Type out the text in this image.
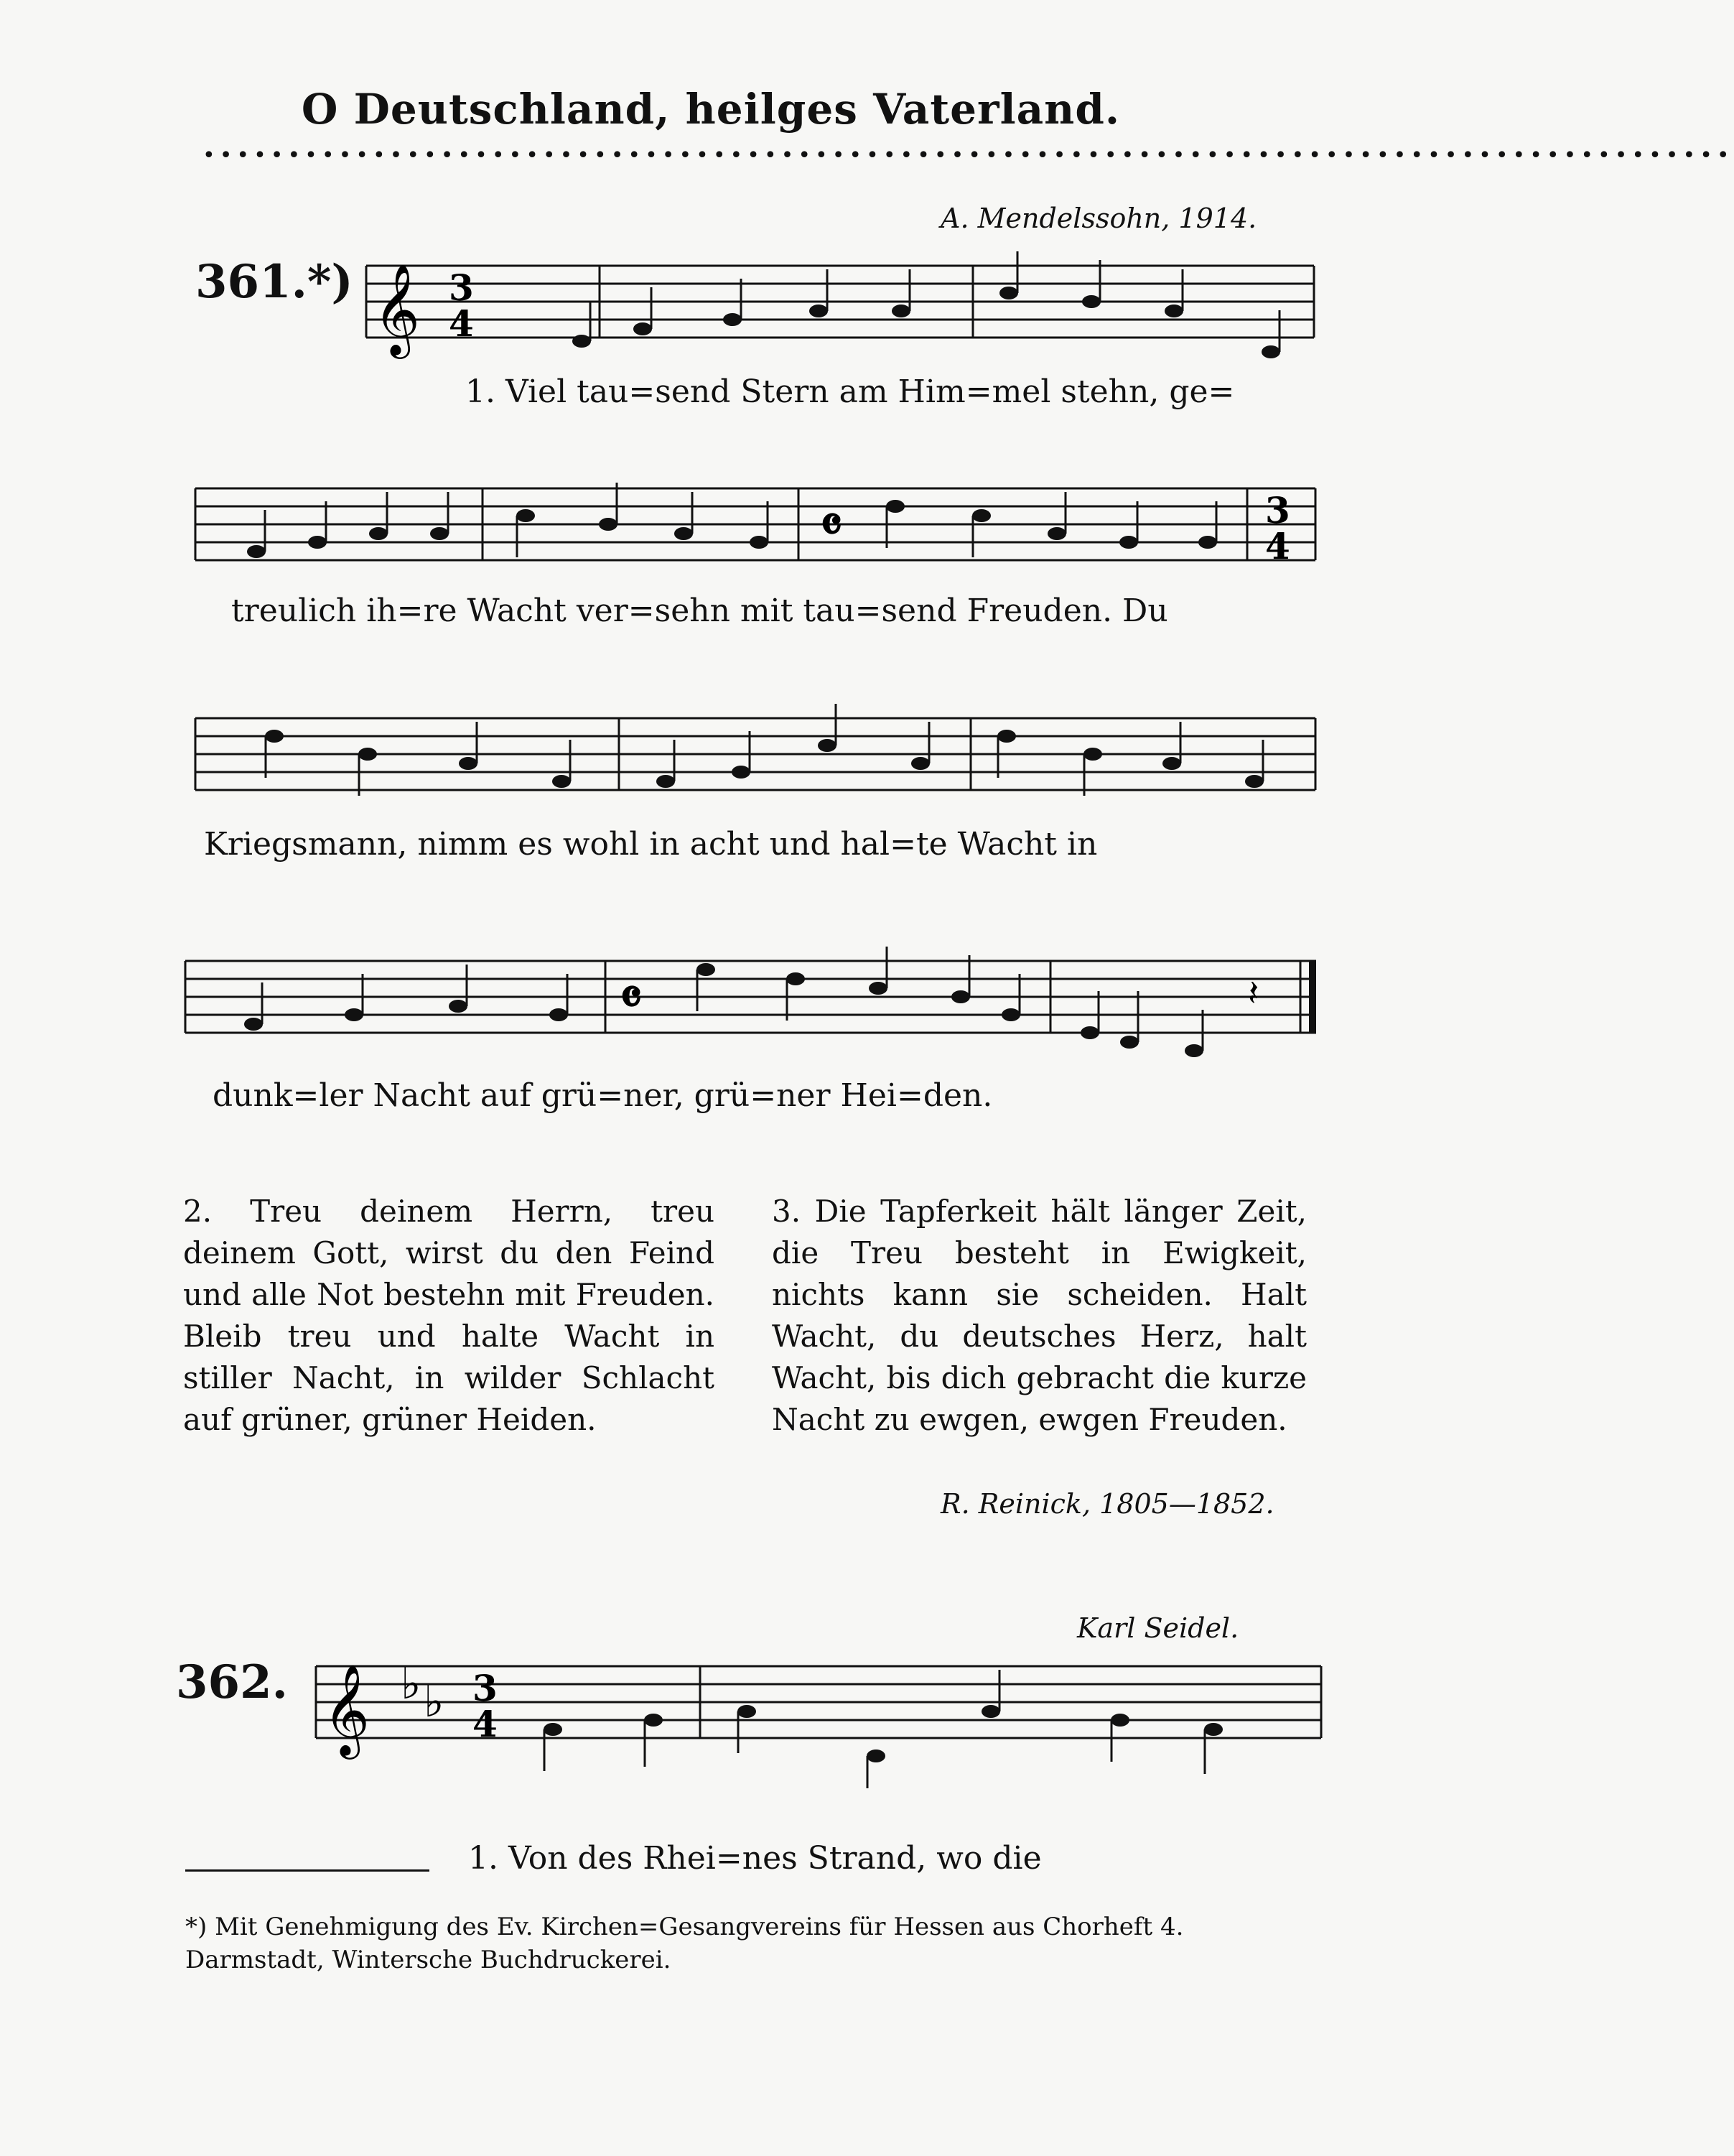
O Deutschland, heilges Vaterland.
••••••••••••••••••••••••••••••••••••••••••••••••••••••••••••••••••••••••••••••••••••••••••
A. Mendelssohn, 1914.
361.*) 𝄞 3
4
1. Viel tau=send Stern am Him=mel stehn, ge=
𝄴	3
4
treulich ih=re Wacht ver=sehn mit tau=send Freuden. Du
Kriegsmann, nimm es wohl in acht und hal=te Wacht in
𝄴	𝄽
dunk=ler Nacht auf grü=ner, grü=ner Hei=den.
2. Treu deinem Herrn, treu deinem Gott, wirst du den Feind und alle Not bestehn mit Freuden. Bleib treu und halte Wacht in stiller Nacht, in wilder Schlacht auf grüner, grüner Heiden.
3. Die Tapferkeit hält länger Zeit, die Treu besteht in Ewigkeit, nichts kann sie scheiden. Halt Wacht, du deutsches Herz, halt Wacht, bis dich gebracht die kurze Nacht zu ewgen, ewgen Freuden.
R. Reinick, 1805—1852.
Karl Seidel.
362. 𝄞 ♭ ♭ 3
4
1. Von des Rhei=nes Strand, wo die
*) Mit Genehmigung des Ev. Kirchen=Gesangvereins für Hessen aus Chorheft 4. Darmstadt, Wintersche Buchdruckerei.
